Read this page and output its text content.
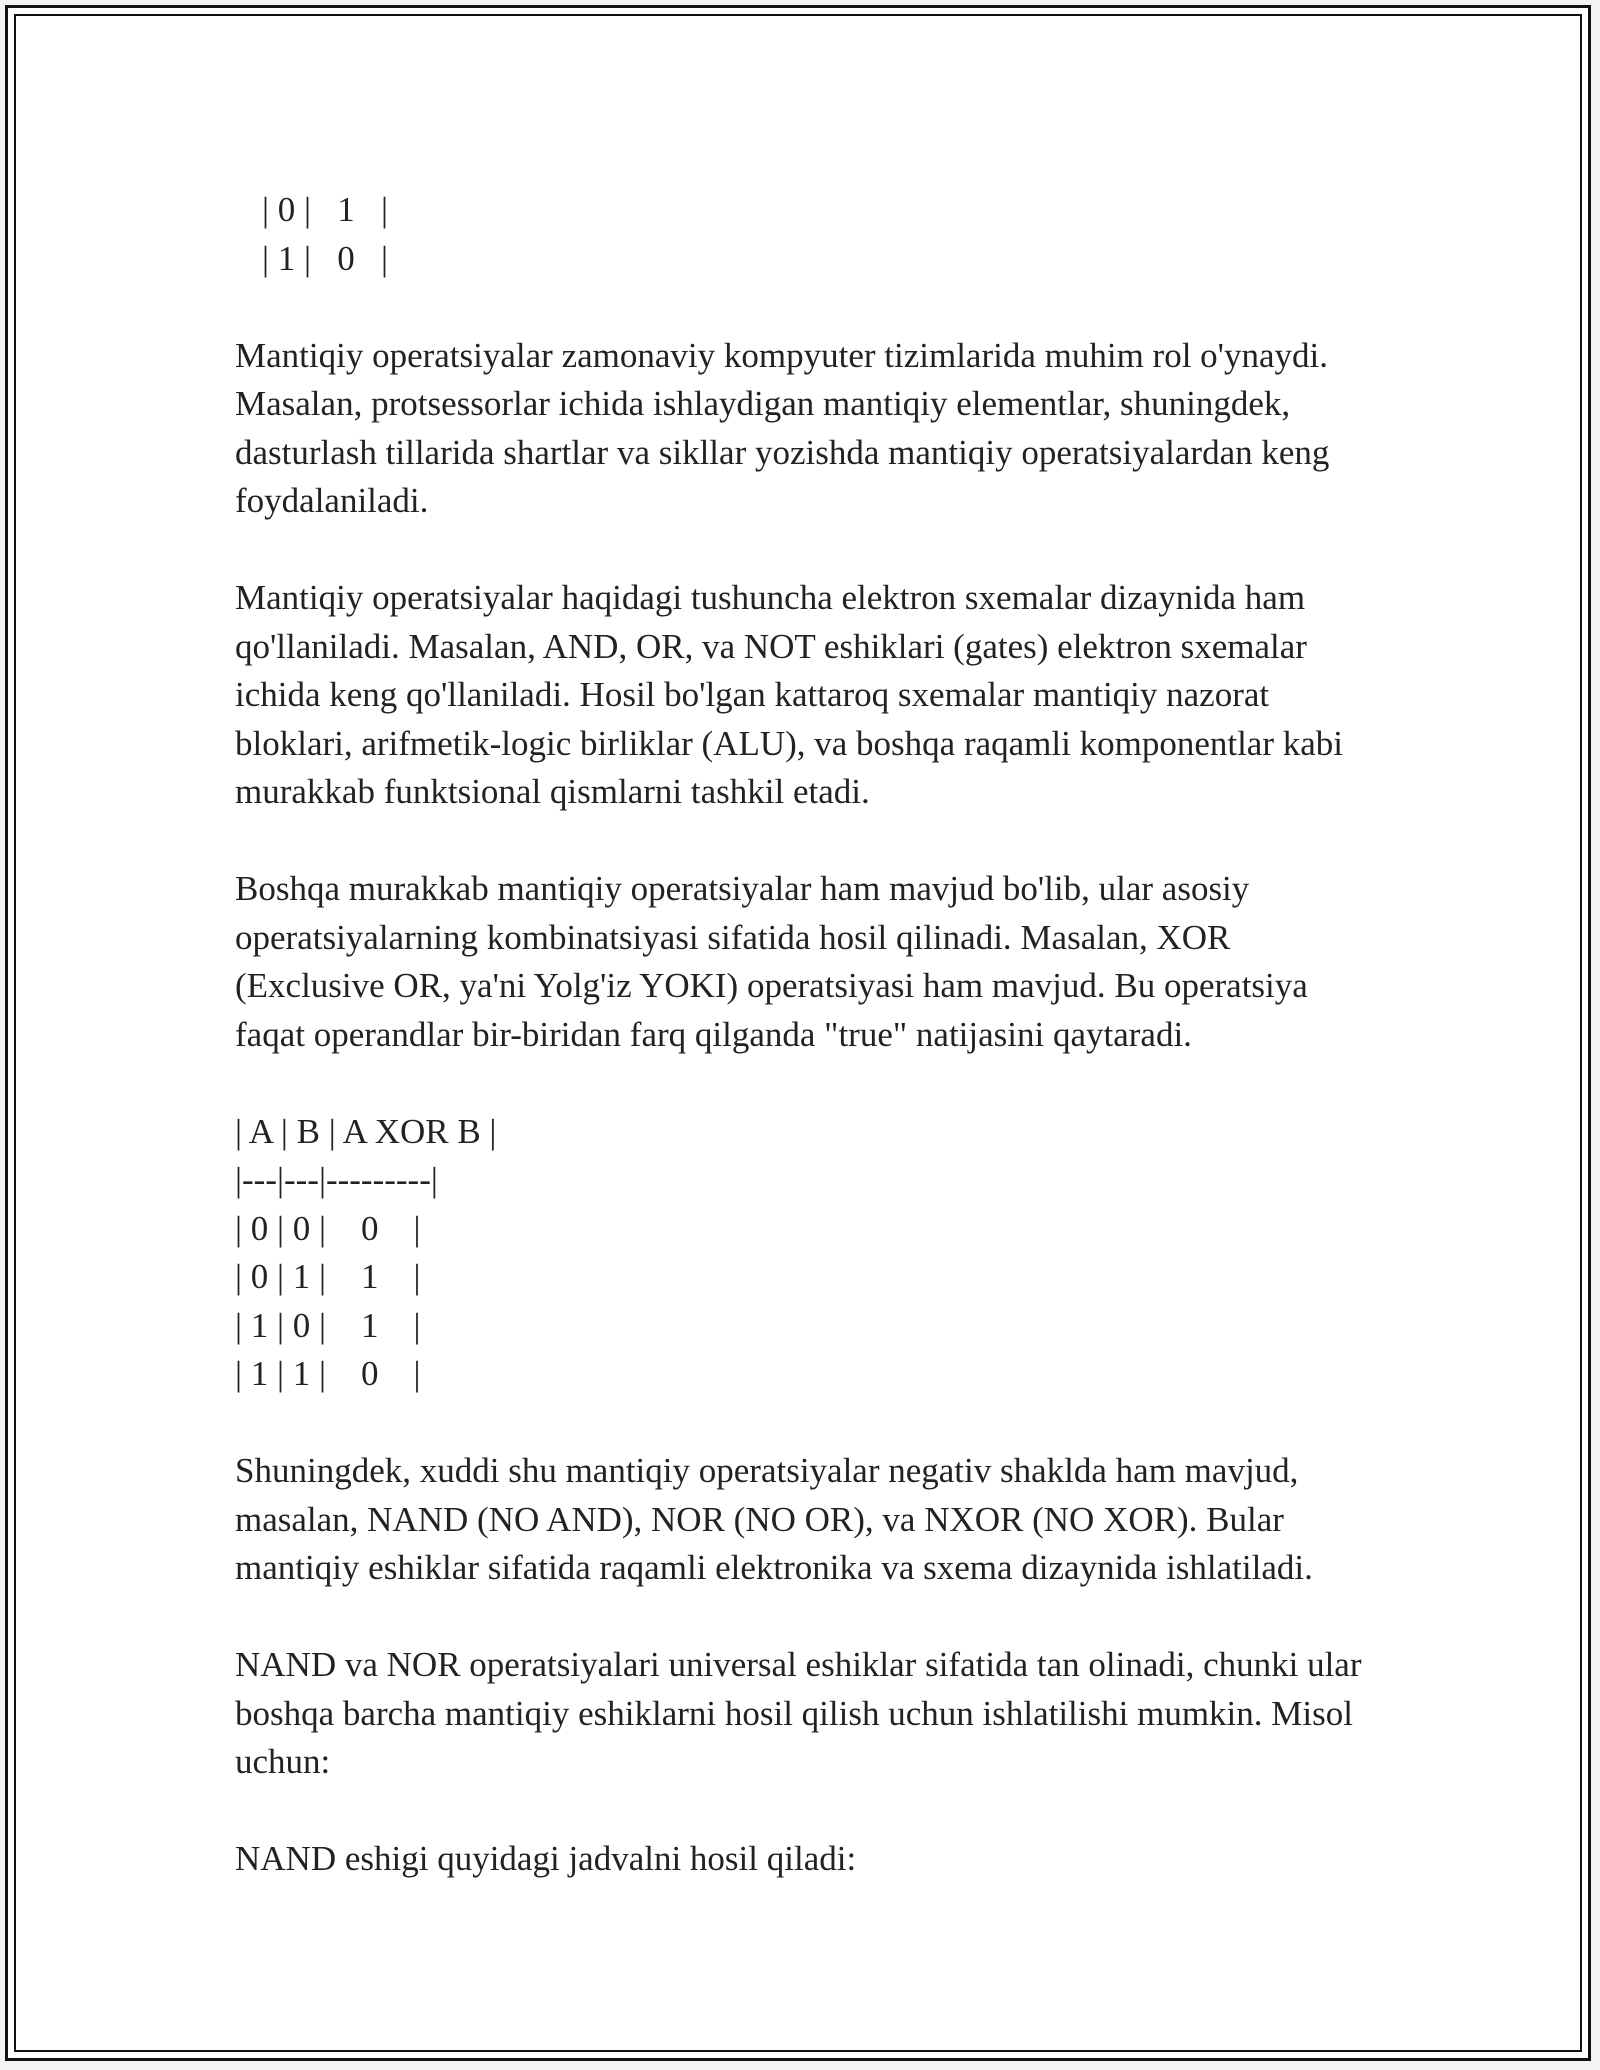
| 0 |   1   |
| 1 |   0   |

Mantiqiy operatsiyalar zamonaviy kompyuter tizimlarida muhim rol o'ynaydi. Masalan, protsessorlar ichida ishlaydigan mantiqiy elementlar, shuningdek, dasturlash tillarida shartlar va sikllar yozishda mantiqiy operatsiyalardan keng foydalaniladi.

Mantiqiy operatsiyalar haqidagi tushuncha elektron sxemalar dizaynida ham qo'llaniladi. Masalan, AND, OR, va NOT eshiklari (gates) elektron sxemalar ichida keng qo'llaniladi. Hosil bo'lgan kattaroq sxemalar mantiqiy nazorat bloklari, arifmetik-logic birliklar (ALU), va boshqa raqamli komponentlar kabi murakkab funktsional qismlarni tashkil etadi.

Boshqa murakkab mantiqiy operatsiyalar ham mavjud bo'lib, ular asosiy operatsiyalarning kombinatsiyasi sifatida hosil qilinadi. Masalan, XOR (Exclusive OR, ya'ni Yolg'iz YOKI) operatsiyasi ham mavjud. Bu operatsiya faqat operandlar bir-biridan farq qilganda "true" natijasini qaytaradi.

| A | B | A XOR B |
|---|---|---------|
| 0 | 0 |    0    |
| 0 | 1 |    1    |
| 1 | 0 |    1    |
| 1 | 1 |    0    |

Shuningdek, xuddi shu mantiqiy operatsiyalar negativ shaklda ham mavjud, masalan, NAND (NO AND), NOR (NO OR), va NXOR (NO XOR). Bular mantiqiy eshiklar sifatida raqamli elektronika va sxema dizaynida ishlatiladi.

NAND va NOR operatsiyalari universal eshiklar sifatida tan olinadi, chunki ular boshqa barcha mantiqiy eshiklarni hosil qilish uchun ishlatilishi mumkin. Misol uchun:

NAND eshigi quyidagi jadvalni hosil qiladi:
